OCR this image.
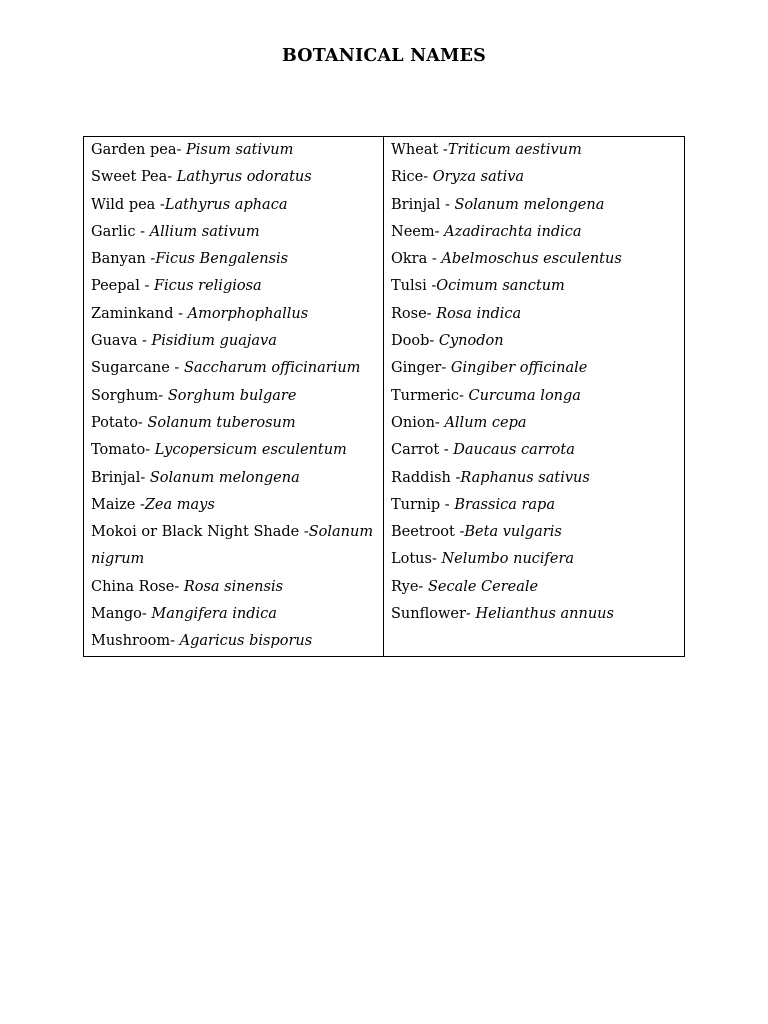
BOTANICAL NAMES

Garden pea- Pisum sativum

Sweet Pea- Lathyrus odoratus

Wild pea -Lathyrus aphaca

Garlic - Allium sativum

Banyan -Ficus Bengalensis

Peepal - Ficus religiosa

Zaminkand - Amorphophallus

Guava - Pisidium guajava

Sugarcane - Saccharum officinarium

Sorghum- Sorghum bulgare

Potato- Solanum tuberosum

Tomato- Lycopersicum esculentum

Brinjal- Solanum melongena

Maize -Zea mays

Mokoi or Black Night Shade -Solanum nigrum

China Rose- Rosa sinensis

Mango- Mangifera indica

Mushroom- Agaricus bisporus

Wheat -Triticum aestivum

Rice- Oryza sativa

Brinjal - Solanum melongena

Neem- Azadirachta indica

Okra - Abelmoschus esculentus

Tulsi -Ocimum sanctum

Rose- Rosa indica

Doob- Cynodon

Ginger- Gingiber officinale

Turmeric- Curcuma longa

Onion- Allum cepa

Carrot - Daucaus carrota

Raddish -Raphanus sativus

Turnip - Brassica rapa

Beetroot -Beta vulgaris

Lotus- Nelumbo nucifera

Rye- Secale Cereale

Sunflower- Helianthus annuus
